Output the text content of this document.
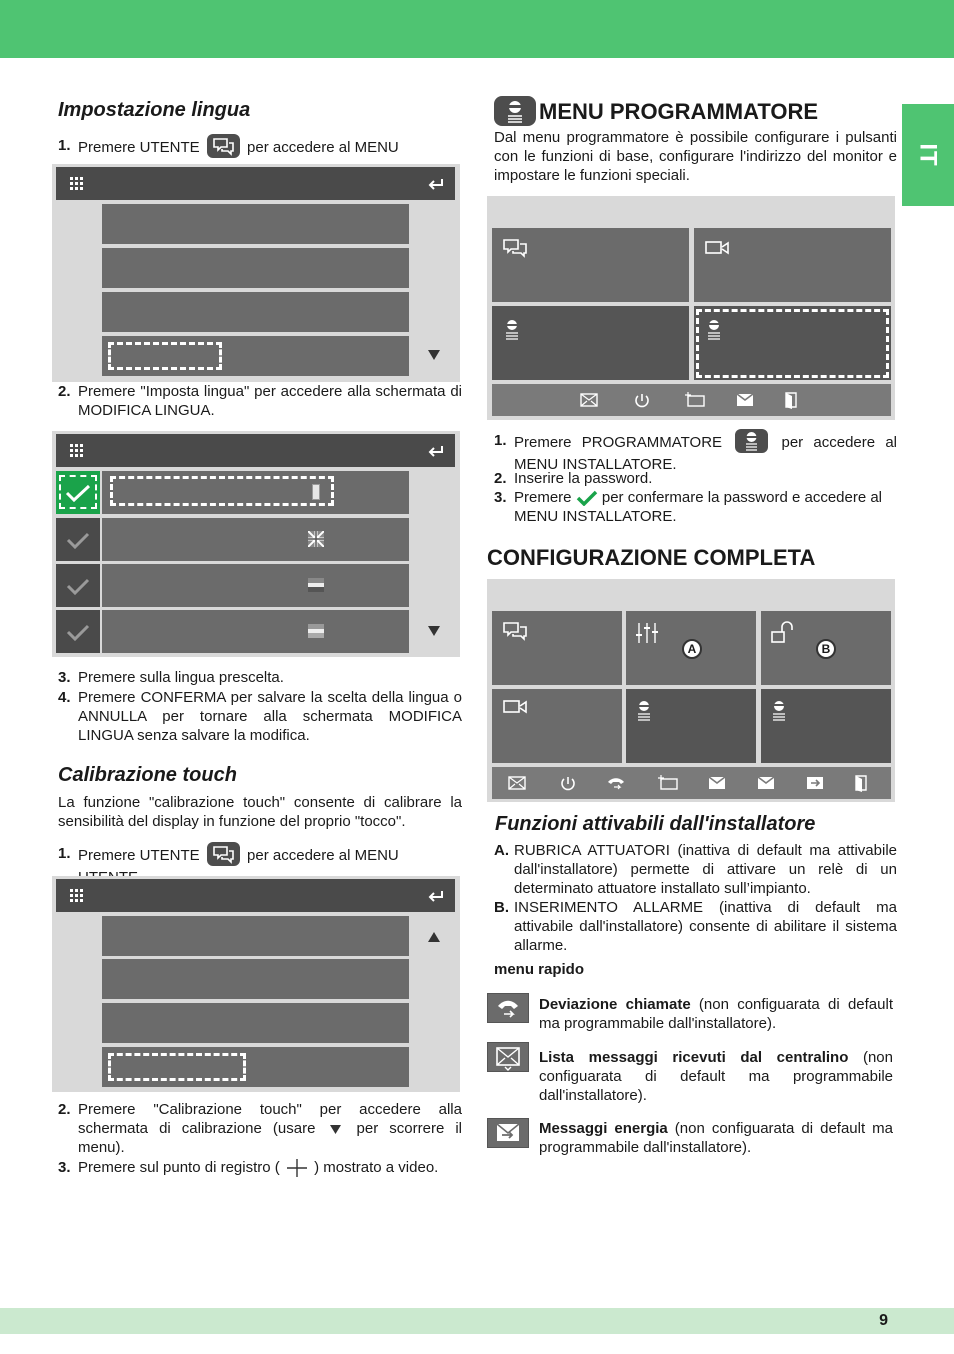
IT
9
Impostazione lingua
1. Premere UTENTE	per accedere al MENU
2. Premere "Imposta lingua" per accedere alla schermata di MODIFICA LINGUA.
3. Premere sulla lingua prescelta.
4. Premere CONFERMA per salvare la scelta della lingua o ANNULLA per tornare alla schermata MODIFICA LINGUA senza salvare la modifica.
Calibrazione touch
La funzione "calibrazione touch" consente di calibrare la sensibilità del display in funzione del proprio "tocco".
1. Premere UTENTE	per accedere al MENU
2. Premere "Calibrazione touch" per accedere alla schermata di calibrazione (usare	per scorrere il menu).
3. Premere sul punto di registro ( ) mostrato a video.
MENU PROGRAMMATORE
Dal menu programmatore è possibile configurare i pulsanti con le funzioni di base, configurare l'indirizzo del monitor e impostare le funzioni speciali.
1. Premere PROGRAMMATORE	per accedere al MENU INSTALLATORE.
2. Inserire la password.
3. Premere per confermare la password e accedere al MENU INSTALLATORE.
CONFIGURAZIONE COMPLETA
A	B
Funzioni attivabili dall'installatore
A. RUBRICA ATTUATORI (inattiva di default ma attivabile dall'installatore) permette di attivare un relè di un determinato attuatore installato sull’impianto.
B. INSERIMENTO ALLARME (inattiva di default ma attivabile dall'installatore) consente di abilitare il sistema allarme.
menu rapido
Deviazione chiamate (non configuarata di default ma programmabile dall'installatore).
Lista messaggi ricevuti dal centralino (non configuarata di default ma programmabile dall'installatore).
Messaggi energia (non configuarata di default ma programmabile dall'installatore).
